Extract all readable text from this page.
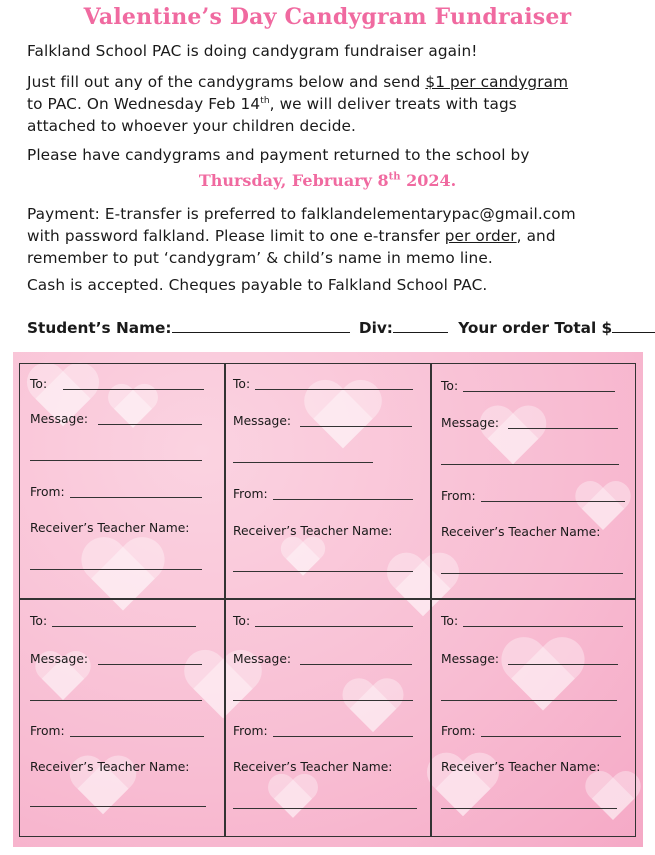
Valentine’s Day Candygram Fundraiser
Falkland School PAC is doing candygram fundraiser again!
Just fill out any of the candygrams below and send $1 per candygram
to PAC. On Wednesday Feb 14th, we will deliver treats with tags
attached to whoever your children decide.
Please have candygrams and payment returned to the school by
Thursday, February 8th 2024.
Payment: E-transfer is preferred to falklandelementarypac@gmail.com
with password falkland. Please limit to one e-transfer per order, and
remember to put ‘candygram’ & child’s name in memo line.
Cash is accepted. Cheques payable to Falkland School PAC.
Student’s Name:	Div:	Your order Total $
To:
Message:
From:
Receiver’s Teacher Name:
To:
Message:
From:
Receiver’s Teacher Name:
To:
Message:
From:
Receiver’s Teacher Name:
To:
Message:
From:
Receiver’s Teacher Name:
To:
Message:
From:
Receiver’s Teacher Name:
To:
Message:
From:
Receiver’s Teacher Name:
